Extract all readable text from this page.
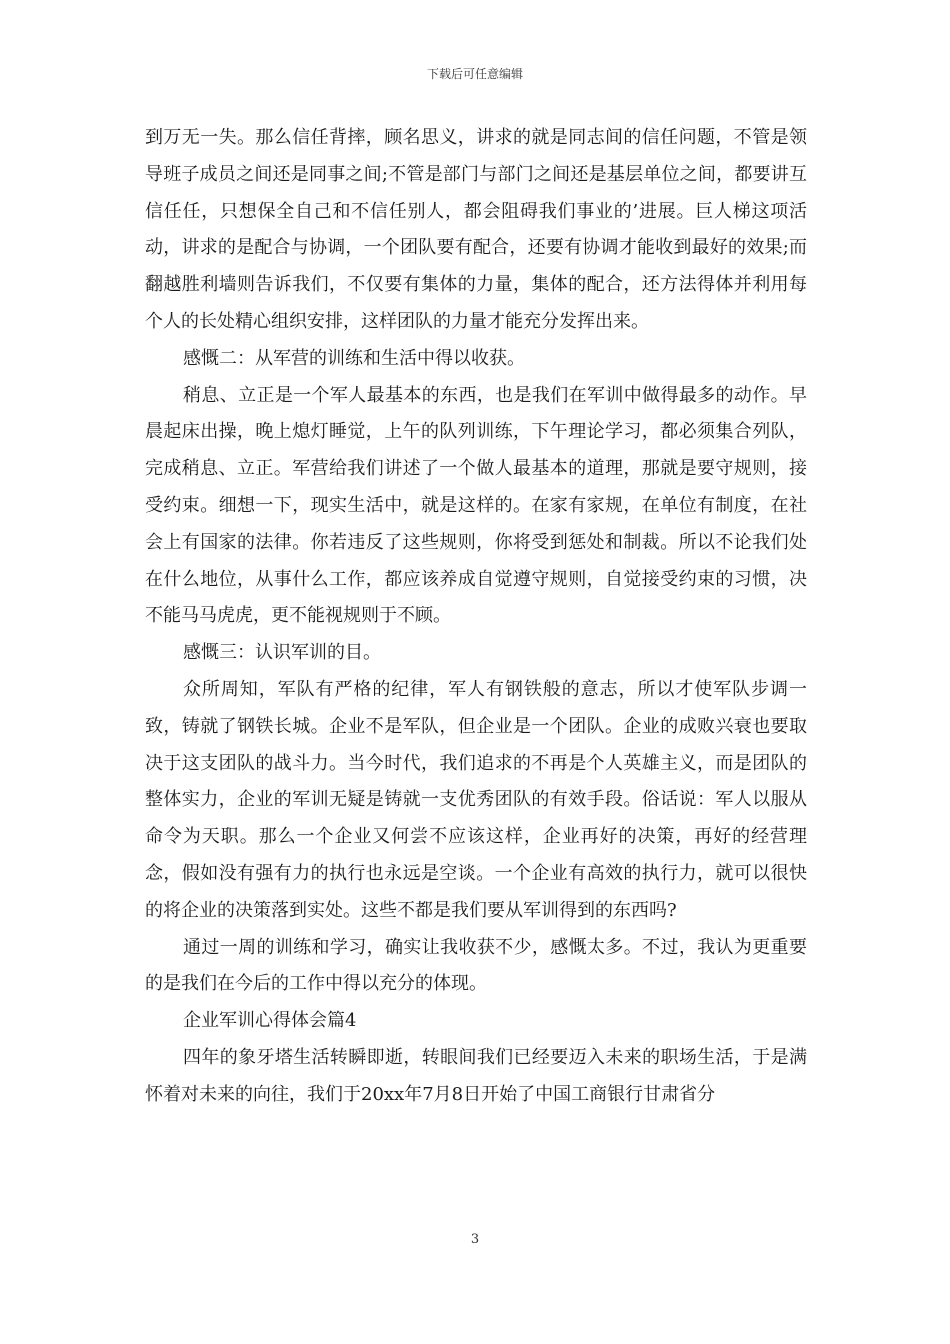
下载后可任意编辑

到万无一失。那么信任背摔，顾名思义，讲求的就是同志间的信任问题，不管是领导班子成员之间还是同事之间;不管是部门与部门之间还是基层单位之间，都要讲互信任任，只想保全自己和不信任别人，都会阻碍我们事业的’进展。巨人梯这项活动，讲求的是配合与协调，一个团队要有配合，还要有协调才能收到最好的效果;而翻越胜利墙则告诉我们，不仅要有集体的力量，集体的配合，还方法得体并利用每个人的长处精心组织安排，这样团队的力量才能充分发挥出来。

感慨二：从军营的训练和生活中得以收获。

稍息、立正是一个军人最基本的东西，也是我们在军训中做得最多的动作。早晨起床出操，晚上熄灯睡觉，上午的队列训练，下午理论学习，都必须集合列队，完成稍息、立正。军营给我们讲述了一个做人最基本的道理，那就是要守规则，接受约束。细想一下，现实生活中，就是这样的。在家有家规，在单位有制度，在社会上有国家的法律。你若违反了这些规则，你将受到惩处和制裁。所以不论我们处在什么地位，从事什么工作，都应该养成自觉遵守规则，自觉接受约束的习惯，决不能马马虎虎，更不能视规则于不顾。

感慨三：认识军训的目。

众所周知，军队有严格的纪律，军人有钢铁般的意志，所以才使军队步调一致，铸就了钢铁长城。企业不是军队，但企业是一个团队。企业的成败兴衰也要取决于这支团队的战斗力。当今时代，我们追求的不再是个人英雄主义，而是团队的整体实力，企业的军训无疑是铸就一支优秀团队的有效手段。俗话说：军人以服从命令为天职。那么一个企业又何尝不应该这样，企业再好的决策，再好的经营理念，假如没有强有力的执行也永远是空谈。一个企业有高效的执行力，就可以很快的将企业的决策落到实处。这些不都是我们要从军训得到的东西吗?

通过一周的训练和学习，确实让我收获不少，感慨太多。不过，我认为更重要的是我们在今后的工作中得以充分的体现。

企业军训心得体会篇4

四年的象牙塔生活转瞬即逝，转眼间我们已经要迈入未来的职场生活，于是满怀着对未来的向往，我们于20xx年7月8日开始了中国工商银行甘肃省分

3
